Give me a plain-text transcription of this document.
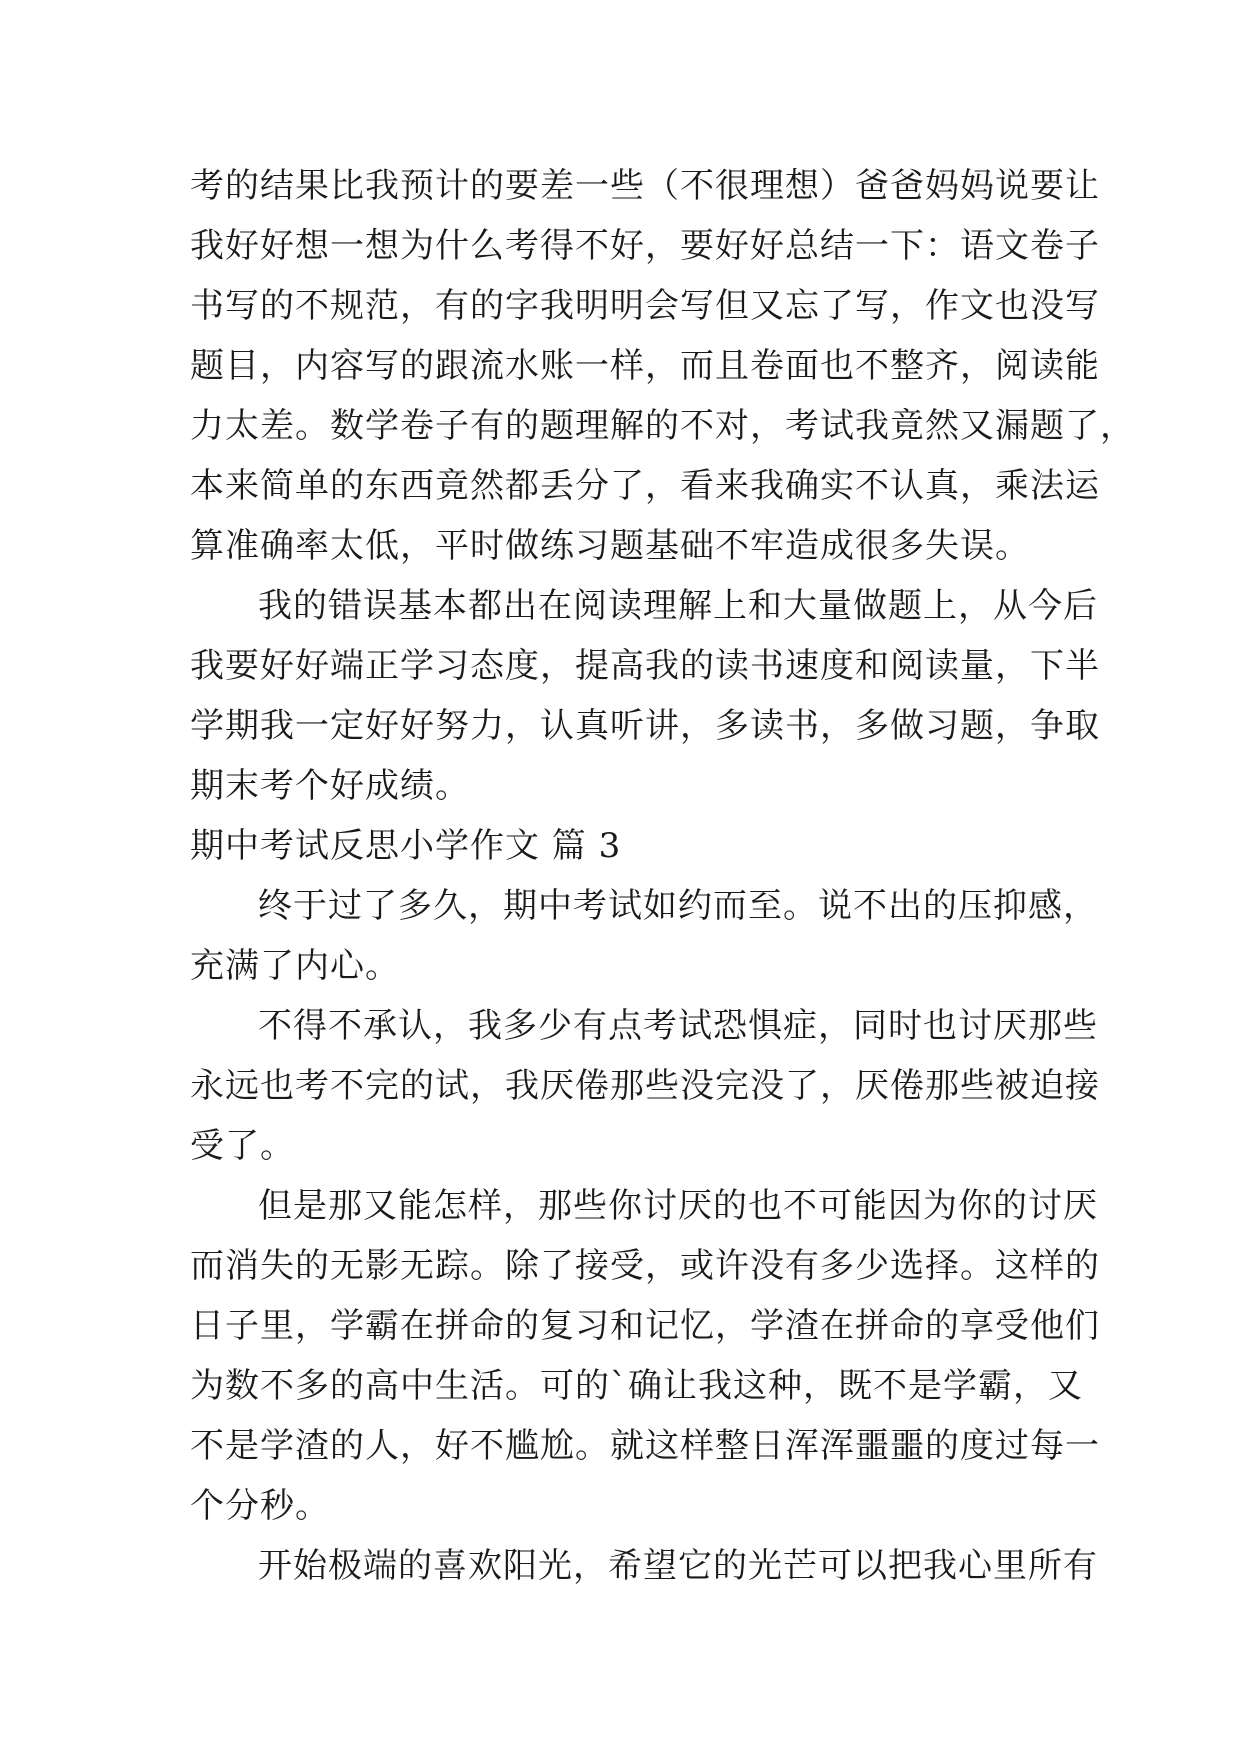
考的结果比我预计的要差一些（不很理想）爸爸妈妈说要让
我好好想一想为什么考得不好，要好好总结一下：语文卷子
书写的不规范，有的字我明明会写但又忘了写，作文也没写
题目，内容写的跟流水账一样，而且卷面也不整齐，阅读能
力太差。数学卷子有的题理解的不对，考试我竟然又漏题了，
本来简单的东西竟然都丢分了，看来我确实不认真，乘法运
算准确率太低，平时做练习题基础不牢造成很多失误。
我的错误基本都出在阅读理解上和大量做题上，从今后
我要好好端正学习态度，提高我的读书速度和阅读量，下半
学期我一定好好努力，认真听讲，多读书，多做习题，争取
期末考个好成绩。
期中考试反思小学作文 篇 3
终于过了多久，期中考试如约而至。说不出的压抑感，
充满了内心。
不得不承认，我多少有点考试恐惧症，同时也讨厌那些
永远也考不完的试，我厌倦那些没完没了，厌倦那些被迫接
受了。
但是那又能怎样，那些你讨厌的也不可能因为你的讨厌
而消失的无影无踪。除了接受，或许没有多少选择。这样的
日子里，学霸在拼命的复习和记忆，学渣在拼命的享受他们
为数不多的高中生活。可的`确让我这种，既不是学霸，又
不是学渣的人，好不尴尬。就这样整日浑浑噩噩的度过每一
个分秒。
开始极端的喜欢阳光，希望它的光芒可以把我心里所有
